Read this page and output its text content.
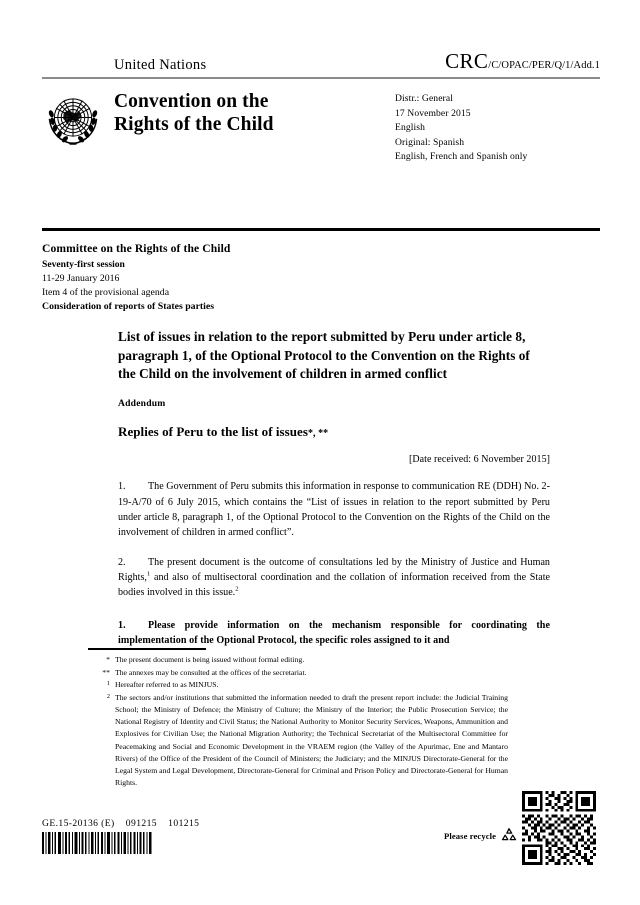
United Nations	CRC/C/OPAC/PER/Q/1/Add.1
Convention on the
Rights of the Child
Distr.: General
17 November 2015
English
Original: Spanish
English, French and Spanish only
Committee on the Rights of the Child
Seventy-first session
11-29 January 2016
Item 4 of the provisional agenda
Consideration of reports of States parties
List of issues in relation to the report submitted by Peru under article 8, paragraph 1, of the Optional Protocol to the Convention on the Rights of the Child on the involvement of children in armed conflict
Addendum
Replies of Peru to the list of issues*, **
[Date received: 6 November 2015]

1. The Government of Peru submits this information in response to communication RE (DDH) No. 2-19-A/70 of 6 July 2015, which contains the “List of issues in relation to the report submitted by Peru under article 8, paragraph 1, of the Optional Protocol to the Convention on the Rights of the Child on the involvement of children in armed conflict”.

2. The present document is the outcome of consultations led by the Ministry of Justice and Human Rights,$^1$ and also of multisectoral coordination and the collation of information received from the State bodies involved in this issue.$^2$

1. Please provide information on the mechanism responsible for coordinating the implementation of the Optional Protocol, the specific roles assigned to it and

* The present document is being issued without formal editing.
** The annexes may be consulted at the offices of the secretariat.
1 Hereafter referred to as MINJUS.
2 The sectors and/or institutions that submitted the information needed to draft the present report include: the Judicial Training School; the Ministry of Defence; the Ministry of Culture; the Ministry of the Interior; the Public Prosecution Service; the National Registry of Identity and Civil Status; the National Authority to Monitor Security Services, Weapons, Ammunition and Explosives for Civilian Use; the National Migration Authority; the Technical Secretariat of the Multisectoral Committee for Peacemaking and Social and Economic Development in the VRAEM region (the Valley of the Apurimac, Ene and Mantaro Rivers) of the Office of the President of the Council of Ministers; the Judiciary; and the MINJUS Directorate-General for the Legal System and Legal Development, Directorate-General for Criminal and Prison Policy and Directorate-General for Human Rights.
GE.15-20136 (E)    091215    101215
Please recycle
